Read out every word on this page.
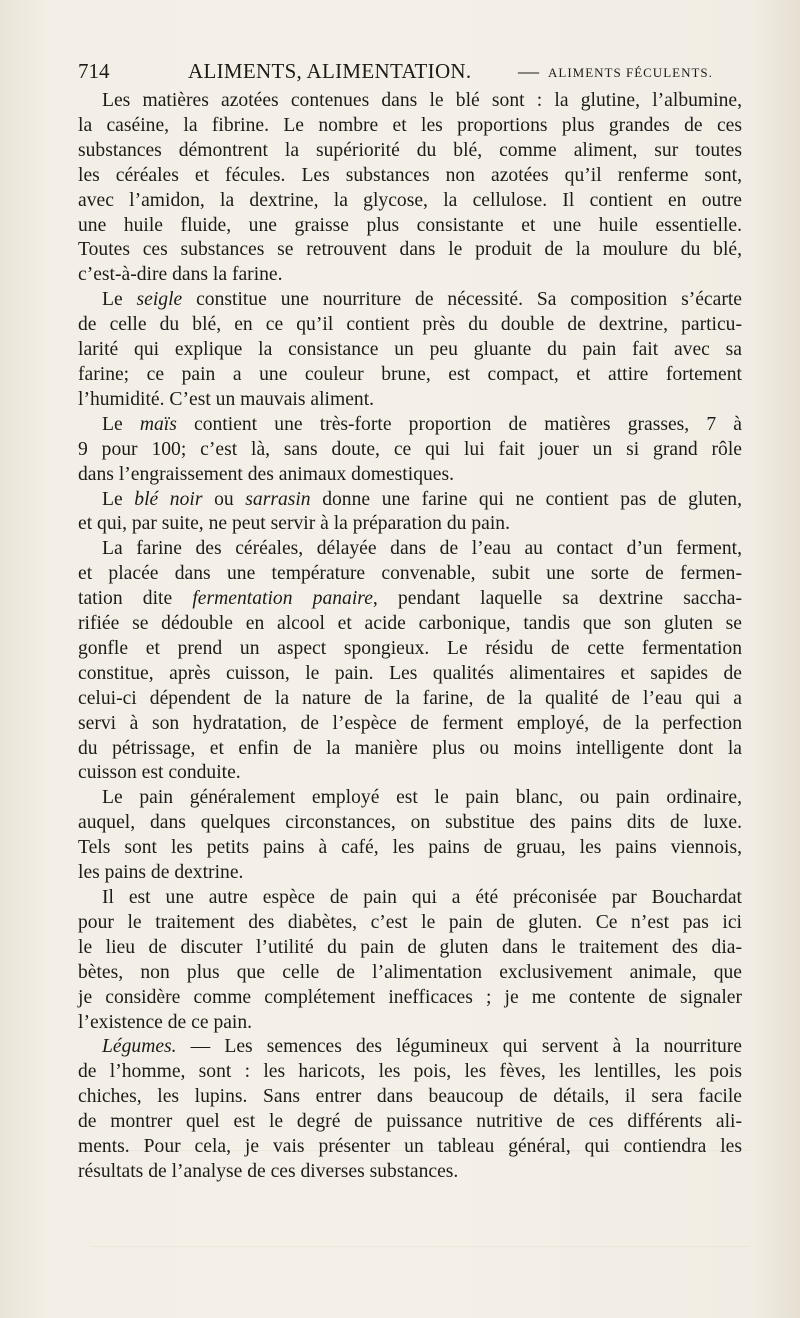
714	ALIMENTS, ALIMENTATION. — ALIMENTS FÉCULENTS.
Les matières azotées contenues dans le blé sont : la glutine, l’albumine,
la caséine, la fibrine. Le nombre et les proportions plus grandes de ces
substances démontrent la supériorité du blé, comme aliment, sur toutes
les céréales et fécules. Les substances non azotées qu’il renferme sont,
avec l’amidon, la dextrine, la glycose, la cellulose. Il contient en outre
une huile fluide, une graisse plus consistante et une huile essentielle.
Toutes ces substances se retrouvent dans le produit de la moulure du blé,
c’est-à-dire dans la farine.
Le seigle constitue une nourriture de nécessité. Sa composition s’écarte
de celle du blé, en ce qu’il contient près du double de dextrine, particu-
larité qui explique la consistance un peu gluante du pain fait avec sa
farine; ce pain a une couleur brune, est compact, et attire fortement
l’humidité. C’est un mauvais aliment.
Le maïs contient une très-forte proportion de matières grasses, 7 à
9 pour 100; c’est là, sans doute, ce qui lui fait jouer un si grand rôle
dans l’engraissement des animaux domestiques.
Le blé noir ou sarrasin donne une farine qui ne contient pas de gluten,
et qui, par suite, ne peut servir à la préparation du pain.
La farine des céréales, délayée dans de l’eau au contact d’un ferment,
et placée dans une température convenable, subit une sorte de fermen-
tation dite fermentation panaire, pendant laquelle sa dextrine saccha-
rifiée se dédouble en alcool et acide carbonique, tandis que son gluten se
gonfle et prend un aspect spongieux. Le résidu de cette fermentation
constitue, après cuisson, le pain. Les qualités alimentaires et sapides de
celui-ci dépendent de la nature de la farine, de la qualité de l’eau qui a
servi à son hydratation, de l’espèce de ferment employé, de la perfection
du pétrissage, et enfin de la manière plus ou moins intelligente dont la
cuisson est conduite.
Le pain généralement employé est le pain blanc, ou pain ordinaire,
auquel, dans quelques circonstances, on substitue des pains dits de luxe.
Tels sont les petits pains à café, les pains de gruau, les pains viennois,
les pains de dextrine.
Il est une autre espèce de pain qui a été préconisée par Bouchardat
pour le traitement des diabètes, c’est le pain de gluten. Ce n’est pas ici
le lieu de discuter l’utilité du pain de gluten dans le traitement des dia-
bètes, non plus que celle de l’alimentation exclusivement animale, que
je considère comme complétement inefficaces ; je me contente de signaler
l’existence de ce pain.
Légumes. — Les semences des légumineux qui servent à la nourriture
de l’homme, sont : les haricots, les pois, les fèves, les lentilles, les pois
chiches, les lupins. Sans entrer dans beaucoup de détails, il sera facile
de montrer quel est le degré de puissance nutritive de ces différents ali-
ments. Pour cela, je vais présenter un tableau général, qui contiendra les
résultats de l’analyse de ces diverses substances.
